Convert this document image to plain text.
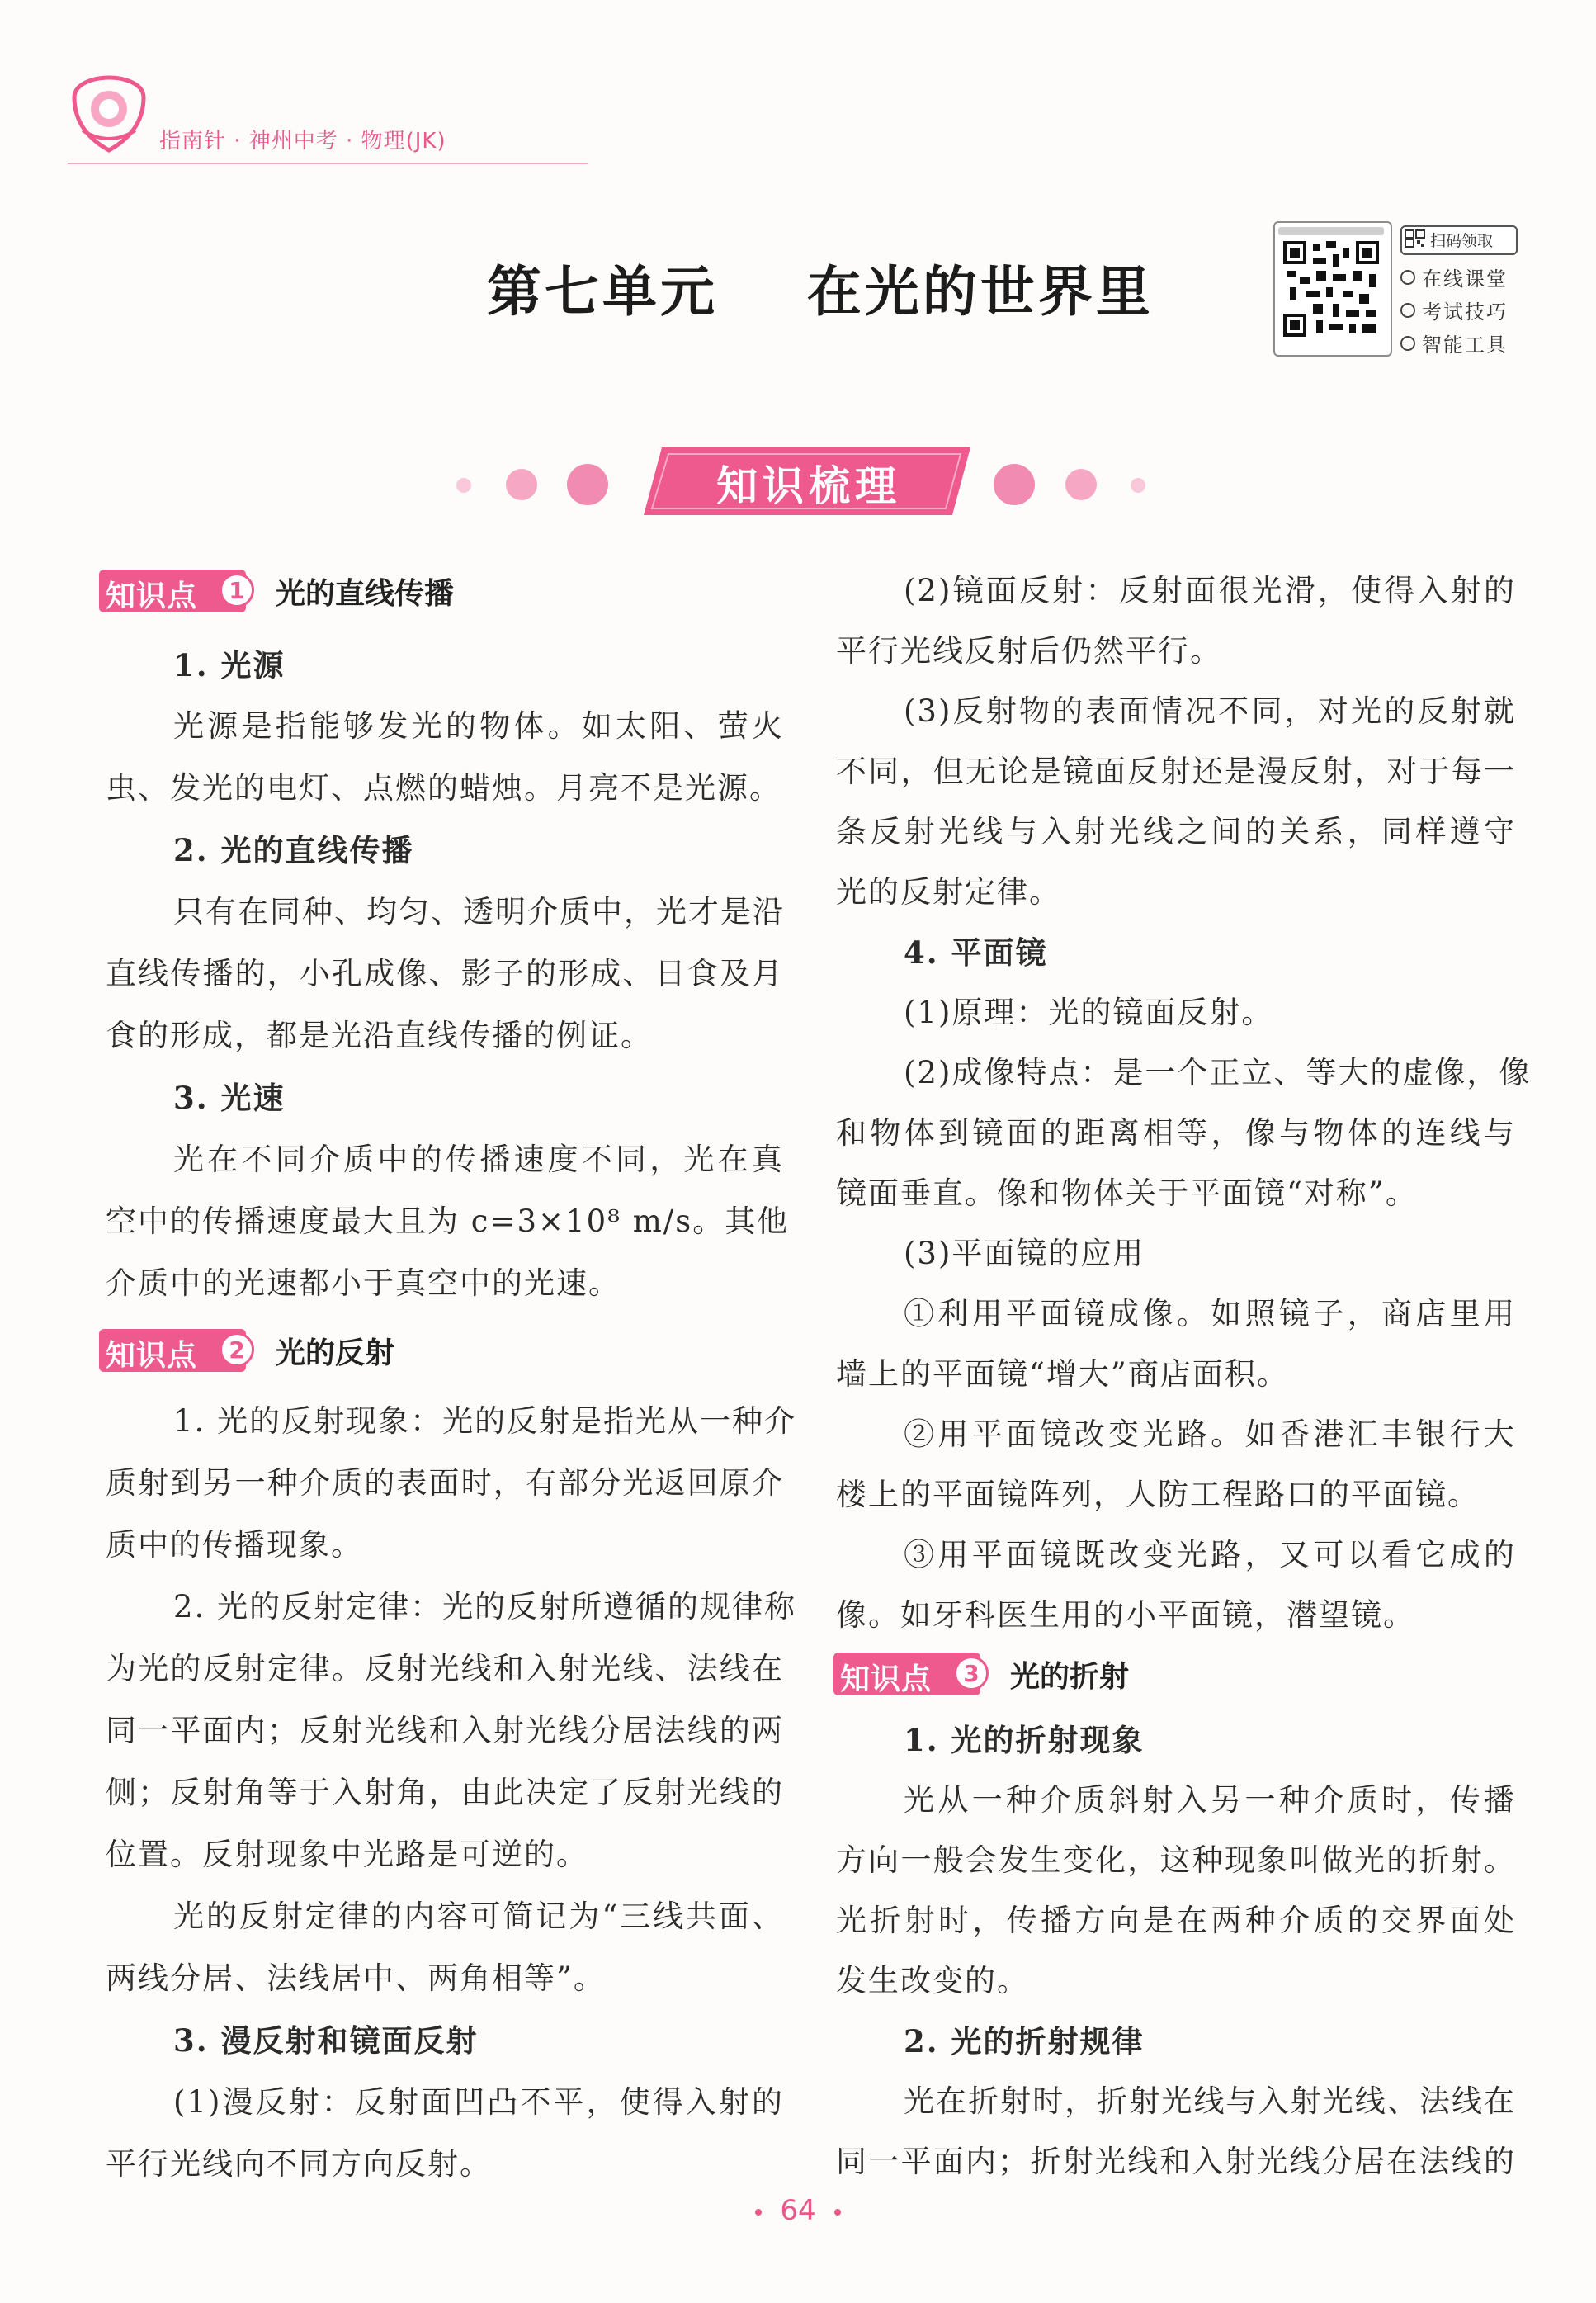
指南针 · 神州中考 · 物理(JK)
第七单元    在光的世界里
扫码领取
在线课堂
考试技巧
智能工具
知识梳理
知识点	1	光的直线传播
知识点	2	光的反射
知识点	3	光的折射
1. 光源
光源是指能够发光的物体。如太阳、萤火
虫、发光的电灯、点燃的蜡烛。月亮不是光源。
2. 光的直线传播
只有在同种、均匀、透明介质中，光才是沿
直线传播的，小孔成像、影子的形成、日食及月
食的形成，都是光沿直线传播的例证。
3. 光速
光在不同介质中的传播速度不同，光在真
空中的传播速度最大且为 c=3×10⁸ m/s。其他
介质中的光速都小于真空中的光速。
1. 光的反射现象：光的反射是指光从一种介
质射到另一种介质的表面时，有部分光返回原介
质中的传播现象。
2. 光的反射定律：光的反射所遵循的规律称
为光的反射定律。反射光线和入射光线、法线在
同一平面内；反射光线和入射光线分居法线的两
侧；反射角等于入射角，由此决定了反射光线的
位置。反射现象中光路是可逆的。
光的反射定律的内容可简记为“三线共面、
两线分居、法线居中、两角相等”。
3. 漫反射和镜面反射
(1)漫反射：反射面凹凸不平，使得入射的
平行光线向不同方向反射。
(2)镜面反射：反射面很光滑，使得入射的
平行光线反射后仍然平行。
(3)反射物的表面情况不同，对光的反射就
不同，但无论是镜面反射还是漫反射，对于每一
条反射光线与入射光线之间的关系，同样遵守
光的反射定律。
4. 平面镜
(1)原理：光的镜面反射。
(2)成像特点：是一个正立、等大的虚像，像
和物体到镜面的距离相等，像与物体的连线与
镜面垂直。像和物体关于平面镜“对称”。
(3)平面镜的应用
①利用平面镜成像。如照镜子，商店里用
墙上的平面镜“增大”商店面积。
②用平面镜改变光路。如香港汇丰银行大
楼上的平面镜阵列，人防工程路口的平面镜。
③用平面镜既改变光路，又可以看它成的
像。如牙科医生用的小平面镜，潜望镜。
1. 光的折射现象
光从一种介质斜射入另一种介质时，传播
方向一般会发生变化，这种现象叫做光的折射。
光折射时，传播方向是在两种介质的交界面处
发生改变的。
2. 光的折射规律
光在折射时，折射光线与入射光线、法线在
同一平面内；折射光线和入射光线分居在法线的
64
